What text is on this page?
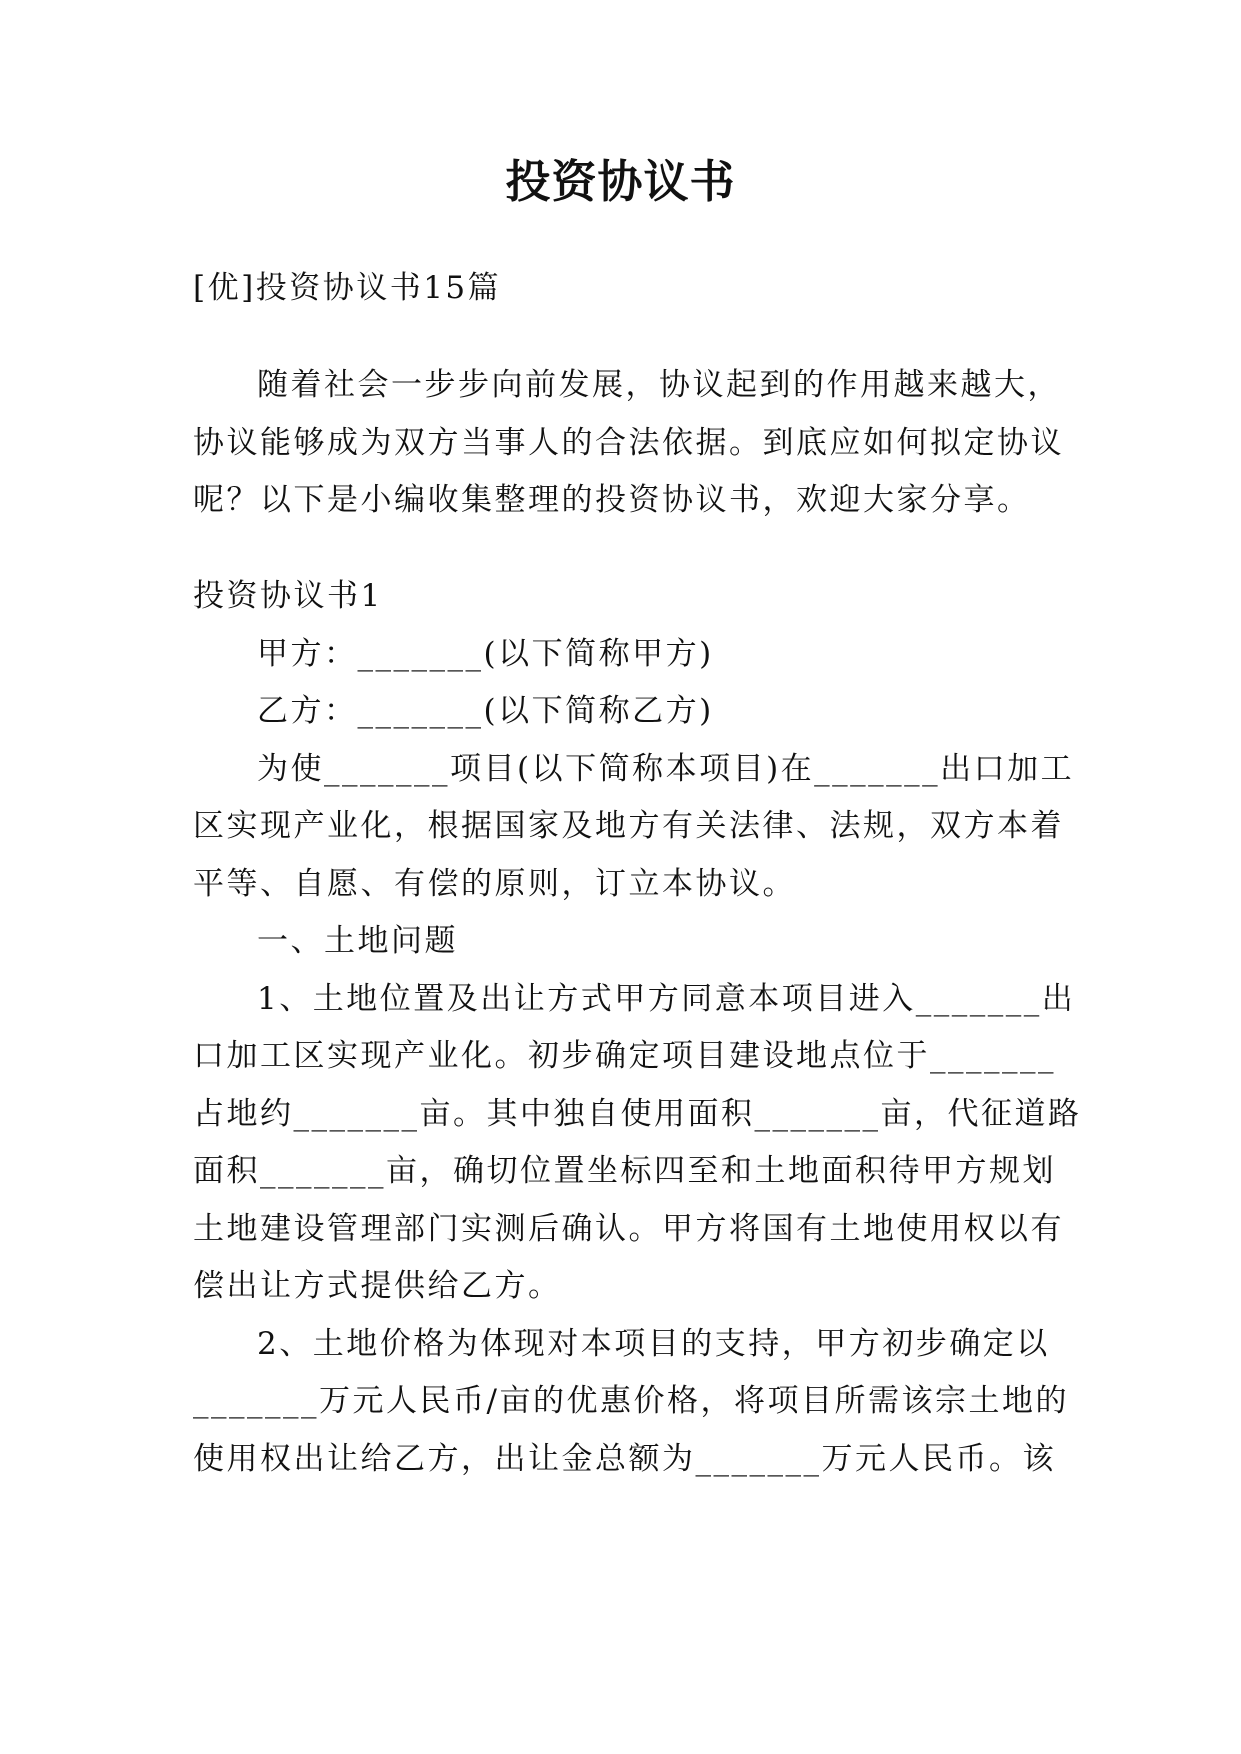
投资协议书

[优]投资协议书15篇

随着社会一步步向前发展，协议起到的作用越来越大，
协议能够成为双方当事人的合法依据。到底应如何拟定协议
呢？以下是小编收集整理的投资协议书，欢迎大家分享。

投资协议书1
甲方：_______(以下简称甲方)
乙方：_______(以下简称乙方)
为使_______项目(以下简称本项目)在_______出口加工
区实现产业化，根据国家及地方有关法律、法规，双方本着
平等、自愿、有偿的原则，订立本协议。
一、土地问题
1、土地位置及出让方式甲方同意本项目进入_______出
口加工区实现产业化。初步确定项目建设地点位于_______
占地约_______亩。其中独自使用面积_______亩，代征道路
面积_______亩，确切位置坐标四至和土地面积待甲方规划
土地建设管理部门实测后确认。甲方将国有土地使用权以有
偿出让方式提供给乙方。
2、土地价格为体现对本项目的支持，甲方初步确定以
_______万元人民币/亩的优惠价格，将项目所需该宗土地的
使用权出让给乙方，出让金总额为_______万元人民币。该
